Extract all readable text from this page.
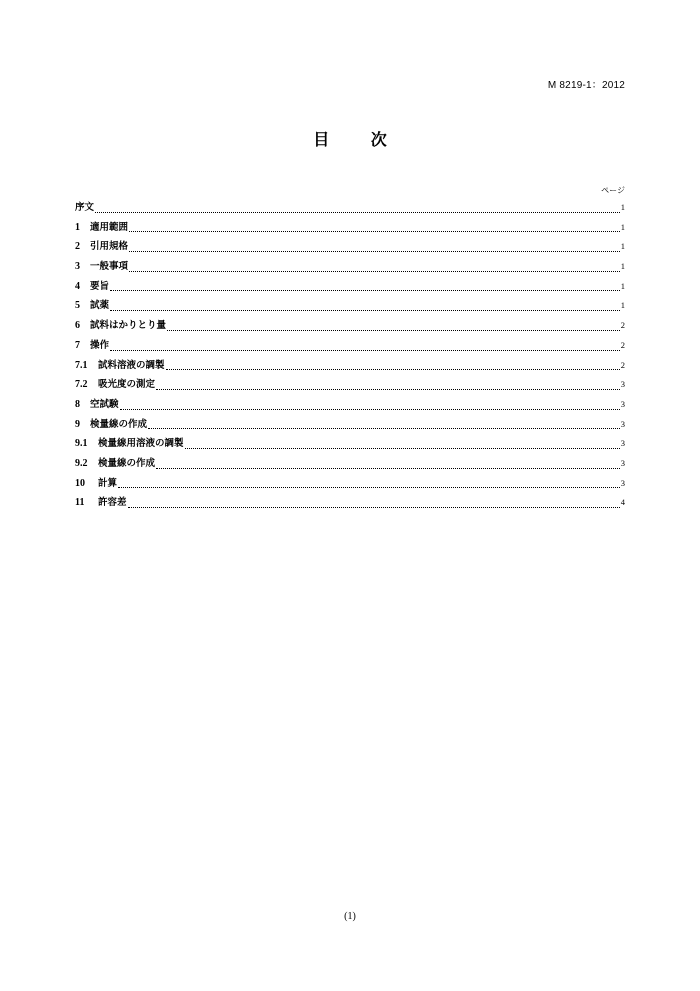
M 8219-1：2012
目 次
ページ
序文	1
1	適用範囲	1
2	引用規格	1
3	一般事項	1
4	要旨	1
5	試薬	1
6	試料はかりとり量	2
7	操作	2
7.1	試料溶液の調製	2
7.2	吸光度の測定	3
8	空試験	3
9	検量線の作成	3
9.1	検量線用溶液の調製	3
9.2	検量線の作成	3
10	計算	3
11	許容差	4
(1)
